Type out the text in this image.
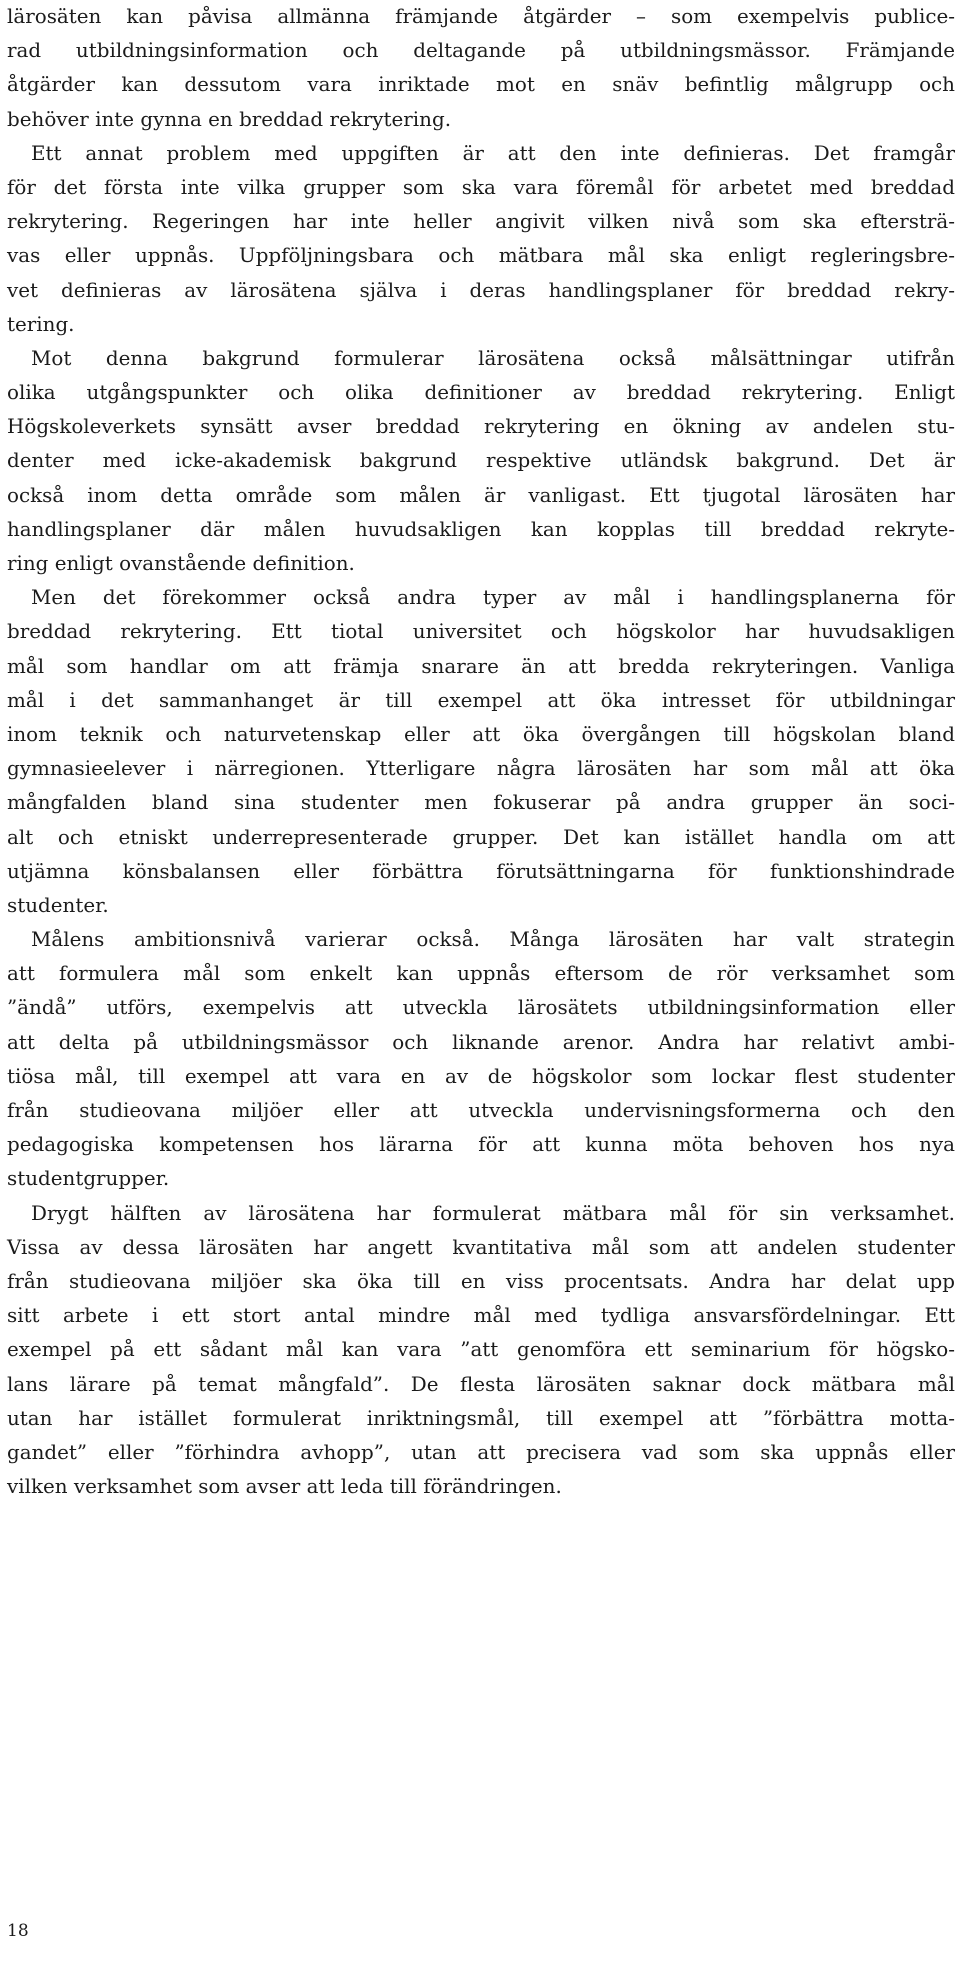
lärosäten kan påvisa allmänna främjande åtgärder – som exempelvis publice-
rad utbildningsinformation och deltagande på utbildningsmässor. Främjande
åtgärder kan dessutom vara inriktade mot en snäv befintlig målgrupp och
behöver inte gynna en breddad rekrytering.
Ett annat problem med uppgiften är att den inte definieras. Det framgår
för det första inte vilka grupper som ska vara föremål för arbetet med breddad
rekrytering. Regeringen har inte heller angivit vilken nivå som ska eftersträ-
vas eller uppnås. Uppföljningsbara och mätbara mål ska enligt regleringsbre-
vet definieras av lärosätena själva i deras handlingsplaner för breddad rekry-
tering.
Mot denna bakgrund formulerar lärosätena också målsättningar utifrån
olika utgångspunkter och olika definitioner av breddad rekrytering. Enligt
Högskoleverkets synsätt avser breddad rekrytering en ökning av andelen stu-
denter med icke-akademisk bakgrund respektive utländsk bakgrund. Det är
också inom detta område som målen är vanligast. Ett tjugotal lärosäten har
handlingsplaner där målen huvudsakligen kan kopplas till breddad rekryte-
ring enligt ovanstående definition.
Men det förekommer också andra typer av mål i handlingsplanerna för
breddad rekrytering. Ett tiotal universitet och högskolor har huvudsakligen
mål som handlar om att främja snarare än att bredda rekryteringen. Vanliga
mål i det sammanhanget är till exempel att öka intresset för utbildningar
inom teknik och naturvetenskap eller att öka övergången till högskolan bland
gymnasieelever i närregionen. Ytterligare några lärosäten har som mål att öka
mångfalden bland sina studenter men fokuserar på andra grupper än soci-
alt och etniskt underrepresenterade grupper. Det kan istället handla om att
utjämna könsbalansen eller förbättra förutsättningarna för funktionshindrade
studenter.
Målens ambitionsnivå varierar också. Många lärosäten har valt strategin
att formulera mål som enkelt kan uppnås eftersom de rör verksamhet som
”ändå” utförs, exempelvis att utveckla lärosätets utbildningsinformation eller
att delta på utbildningsmässor och liknande arenor. Andra har relativt ambi-
tiösa mål, till exempel att vara en av de högskolor som lockar flest studenter
från studieovana miljöer eller att utveckla undervisningsformerna och den
pedagogiska kompetensen hos lärarna för att kunna möta behoven hos nya
studentgrupper.
Drygt hälften av lärosätena har formulerat mätbara mål för sin verksamhet.
Vissa av dessa lärosäten har angett kvantitativa mål som att andelen studenter
från studieovana miljöer ska öka till en viss procentsats. Andra har delat upp
sitt arbete i ett stort antal mindre mål med tydliga ansvarsfördelningar. Ett
exempel på ett sådant mål kan vara ”att genomföra ett seminarium för högsko-
lans lärare på temat mångfald”. De flesta lärosäten saknar dock mätbara mål
utan har istället formulerat inriktningsmål, till exempel att ”förbättra motta-
gandet” eller ”förhindra avhopp”, utan att precisera vad som ska uppnås eller
vilken verksamhet som avser att leda till förändringen.
18
